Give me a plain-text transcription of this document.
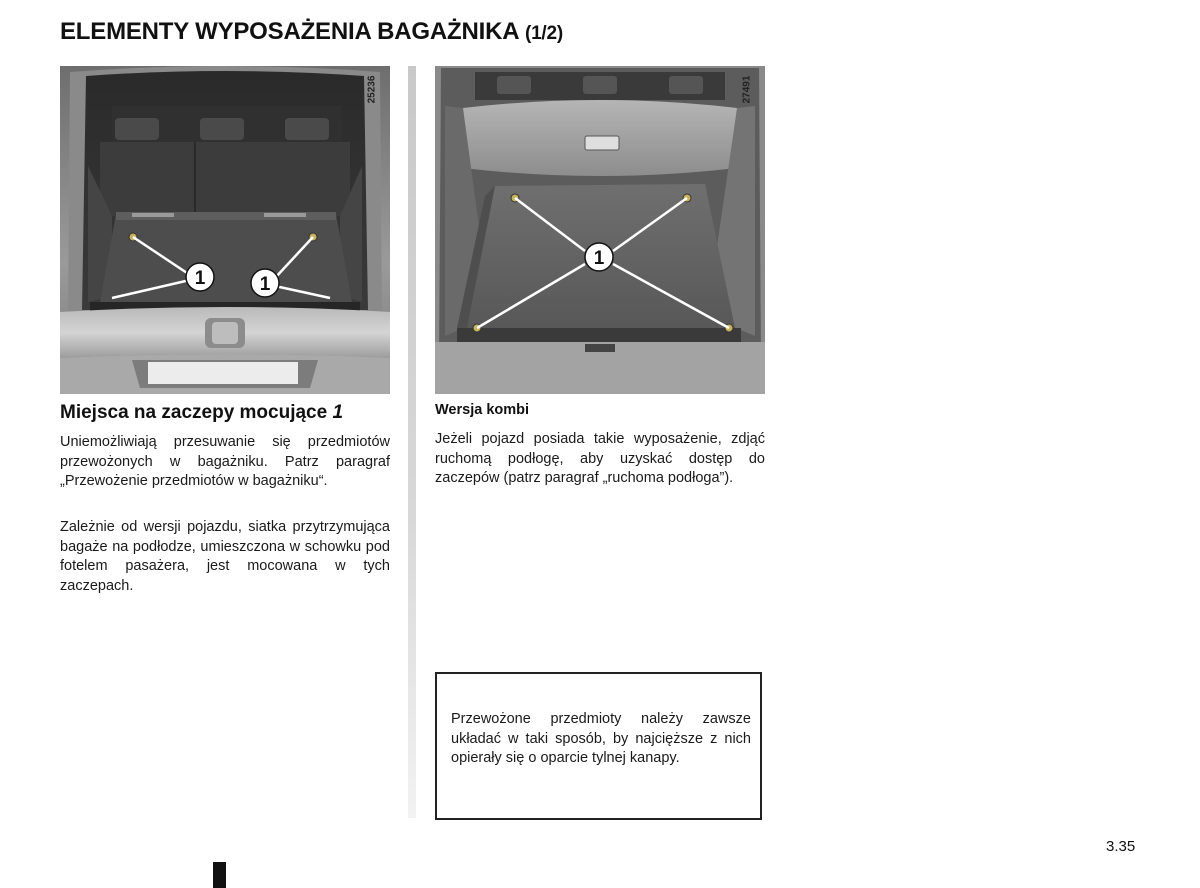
ELEMENTY WYPOSAŻENIA BAGAŻNIKA (1/2)
1	1
25236
1
27491
Miejsca na zaczepy mocujące 1

Uniemożliwiają przesuwanie się przedmiotów przewożonych w bagażniku. Patrz paragraf „Przewożenie przedmiotów w bagażniku“.

Zależnie od wersji pojazdu, siatka przytrzymująca bagaże na podłodze, umieszczona w schowku pod fotelem pasażera, jest mocowana w tych zaczepach.

Wersja kombi

Jeżeli pojazd posiada takie wyposażenie, zdjąć ruchomą podłogę, aby uzyskać dostęp do zaczepów (patrz paragraf „ruchoma podłoga”).

Przewożone przedmioty należy zawsze układać w taki sposób, by najcięższe z nich opierały się o oparcie tylnej kanapy.

3.35
